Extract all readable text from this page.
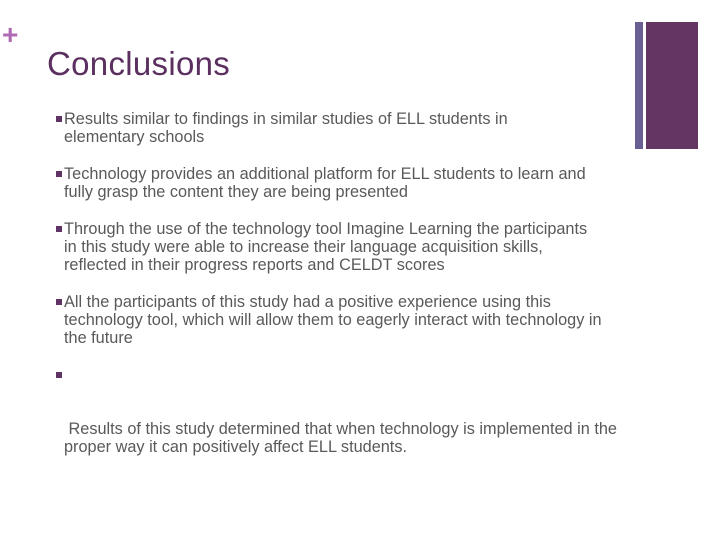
+
Conclusions
Results similar to findings in similar studies of ELL students in elementary schools
Technology provides an additional platform for ELL students to learn and fully grasp the content they are being presented
Through the use of the technology tool Imagine Learning the participants in this study were able to increase their language acquisition skills, reflected in their progress reports and CELDT scores
All the participants of this study had a positive experience using this technology tool, which will allow them to eagerly interact with technology in the future

Results of this study determined that when technology is implemented in the proper way it can positively affect ELL students.
